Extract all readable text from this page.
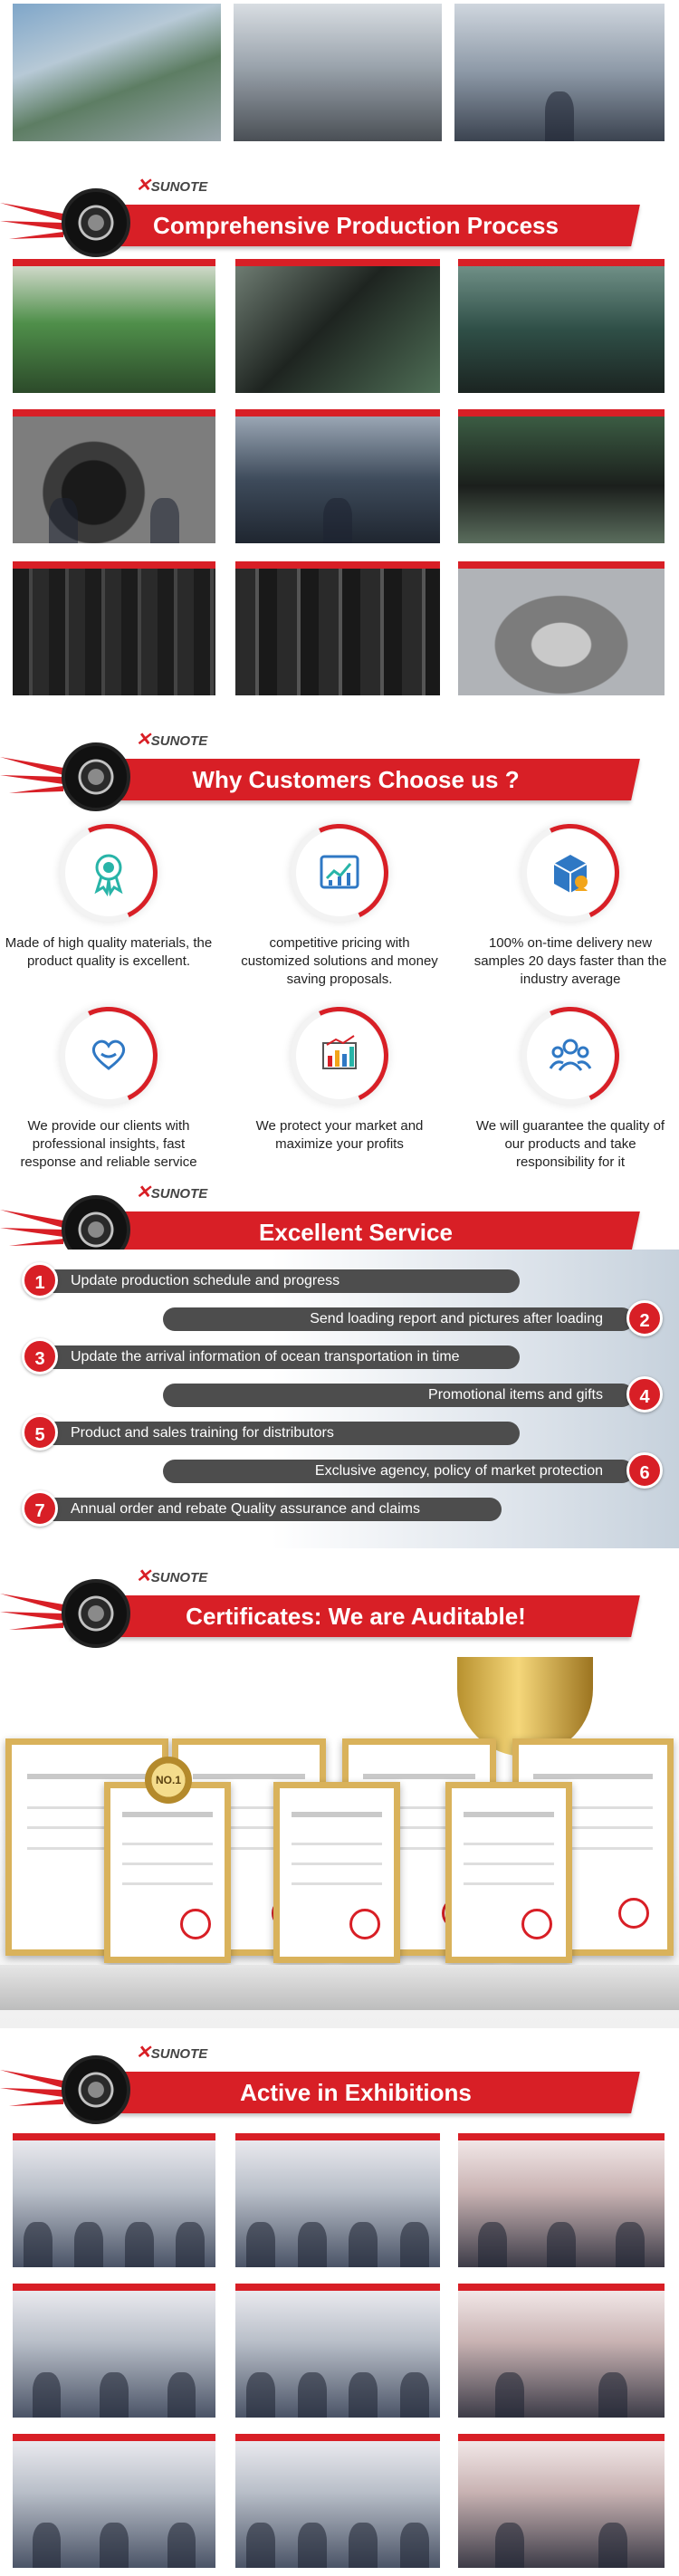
✕SUNOTE
Comprehensive Production Process
✕SUNOTE
Why Customers Choose us ?
Made of high quality materials, the product quality is excellent.
competitive pricing with customized solutions and money saving proposals.
100% on-time delivery new samples 20 days faster than the industry average
We provide our clients with professional insights, fast response and reliable service
We protect your market and maximize your profits
We will guarantee the quality of our products and take responsibility for it
✕SUNOTE
Excellent Service
Update production schedule and progress
1
Send loading report and pictures after loading	2
Update the arrival information of ocean transportation in time
3
Promotional items and gifts	4
Product and sales training for distributors
5
Exclusive agency, policy of market protection	6
Annual order and rebate Quality assurance and claims
7
✕SUNOTE
Certificates: We are Auditable!
NO.1
✕SUNOTE
Active in Exhibitions
